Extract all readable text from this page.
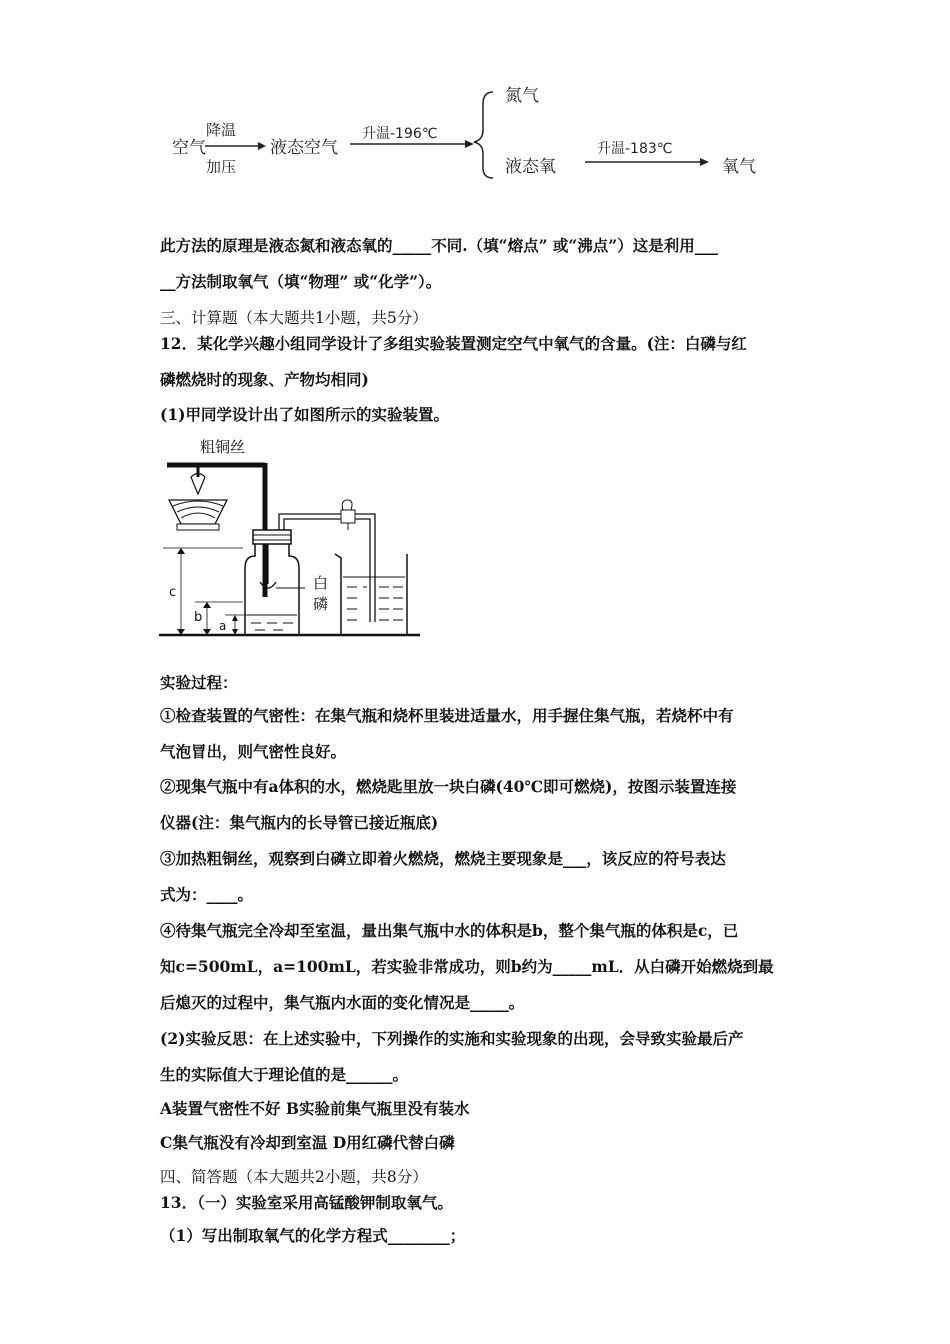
空气
降温
加压
液态空气
升温-196℃
氮气
液态氧
升温-183℃
氧气
此方法的原理是液态氮和液态氧的_____不同.（填“熔点” 或“沸点”）这是利用___
__方法制取氧气（填“物理” 或“化学”）。
三、计算题（本大题共1小题，共5分）
12．某化学兴趣小组同学设计了多组实验装置测定空气中氧气的含量。(注：白磷与红
磷燃烧时的现象、产物均相同)
(1)甲同学设计出了如图所示的实验装置。
粗铜丝
白
磷
c
b
a
实验过程：
①检查装置的气密性：在集气瓶和烧杯里装进适量水，用手握住集气瓶，若烧杯中有
气泡冒出，则气密性良好。
②现集气瓶中有a体积的水，燃烧匙里放一块白磷(40℃即可燃烧)，按图示装置连接
仪器(注：集气瓶内的长导管已接近瓶底)
③加热粗铜丝，观察到白磷立即着火燃烧，燃烧主要现象是___，该反应的符号表达
式为：____。
④待集气瓶完全冷却至室温，量出集气瓶中水的体积是b，整个集气瓶的体积是c，已
知c=500mL，a=100mL，若实验非常成功，则b约为_____mL．从白磷开始燃烧到最
后熄灭的过程中，集气瓶内水面的变化情况是_____。
(2)实验反思：在上述实验中，下列操作的实施和实验现象的出现，会导致实验最后产
生的实际值大于理论值的是______。
A装置气密性不好 B实验前集气瓶里没有装水
C集气瓶没有冷却到室温 D用红磷代替白磷
四、简答题（本大题共2小题，共8分）
13．（一）实验室采用高锰酸钾制取氧气。
（1）写出制取氧气的化学方程式________；
